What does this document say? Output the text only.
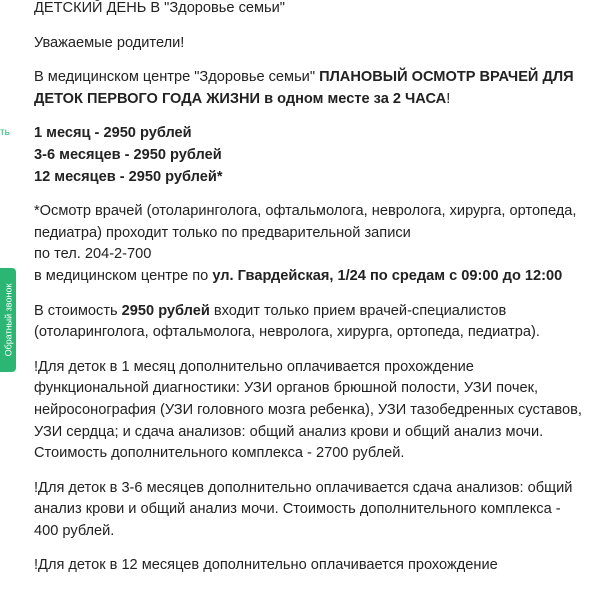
ть
Обратный звонок

ДЕТСКИЙ ДЕНЬ В "Здоровье семьи"

Уважаемые родители!

В медицинском центре "Здоровье семьи" ПЛАНОВЫЙ ОСМОТР ВРАЧЕЙ ДЛЯ ДЕТОК ПЕРВОГО ГОДА ЖИЗНИ в одном месте за 2 ЧАСА!

1 месяц - 2950 рублей
3-6 месяцев - 2950 рублей
12 месяцев - 2950 рублей*

*Осмотр врачей (отоларинголога, офтальмолога, невролога, хирурга, ортопеда, педиатра) проходит только по предварительной записи
по тел. 204-2-700
в медицинском центре по ул. Гвардейская, 1/24 по средам с 09:00 до 12:00

В стоимость 2950 рублей входит только прием врачей-специалистов (отоларинголога, офтальмолога, невролога, хирурга, ортопеда, педиатра).

!Для деток в 1 месяц дополнительно оплачивается прохождение функциональной диагностики: УЗИ органов брюшной полости, УЗИ почек, нейросонография (УЗИ головного мозга ребенка), УЗИ тазобедренных суставов, УЗИ сердца; и сдача анализов: общий анализ крови и общий анализ мочи. Стоимость дополнительного комплекса - 2700 рублей.

!Для деток в 3-6 месяцев дополнительно оплачивается сдача анализов: общий анализ крови и общий анализ мочи. Стоимость дополнительного комплекса - 400 рублей.

!Для деток в 12 месяцев дополнительно оплачивается прохождение
